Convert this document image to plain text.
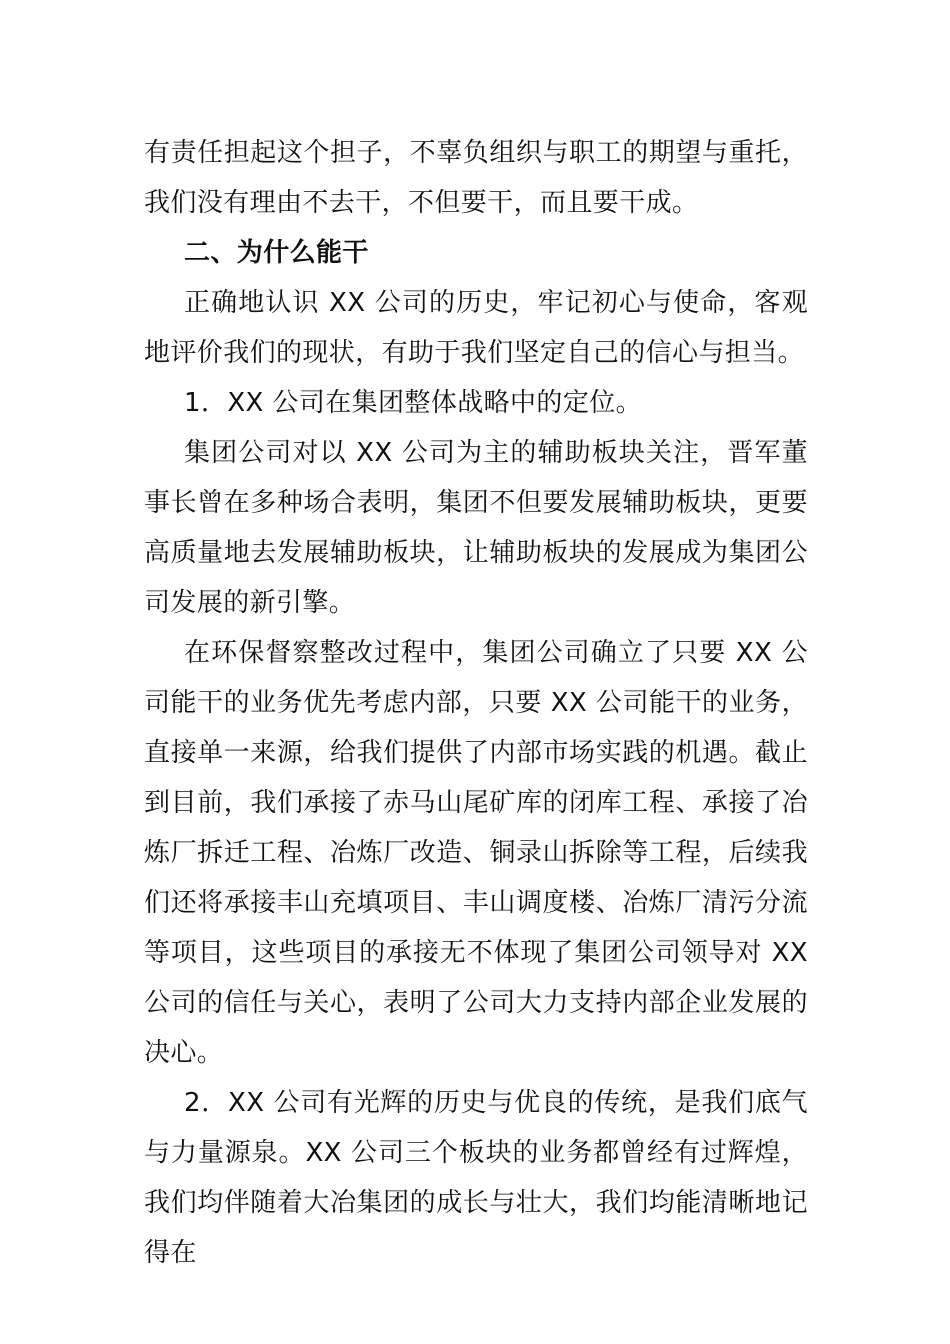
有责任担起这个担子，不辜负组织与职工的期望与重托，我们没有理由不去干，不但要干，而且要干成。

二、为什么能干

正确地认识 XX 公司的历史，牢记初心与使命，客观地评价我们的现状，有助于我们坚定自己的信心与担当。

1．XX 公司在集团整体战略中的定位。

集团公司对以 XX 公司为主的辅助板块关注，晋军董事长曾在多种场合表明，集团不但要发展辅助板块，更要高质量地去发展辅助板块，让辅助板块的发展成为集团公司发展的新引擎。

在环保督察整改过程中，集团公司确立了只要 XX 公司能干的业务优先考虑内部，只要 XX 公司能干的业务，直接单一来源，给我们提供了内部市场实践的机遇。截止到目前，我们承接了赤马山尾矿库的闭库工程、承接了冶炼厂拆迁工程、冶炼厂改造、铜录山拆除等工程，后续我们还将承接丰山充填项目、丰山调度楼、冶炼厂清污分流等项目，这些项目的承接无不体现了集团公司领导对 XX 公司的信任与关心，表明了公司大力支持内部企业发展的决心。

2．XX 公司有光辉的历史与优良的传统，是我们底气与力量源泉。XX 公司三个板块的业务都曾经有过辉煌，我们均伴随着大冶集团的成长与壮大，我们均能清晰地记得在
